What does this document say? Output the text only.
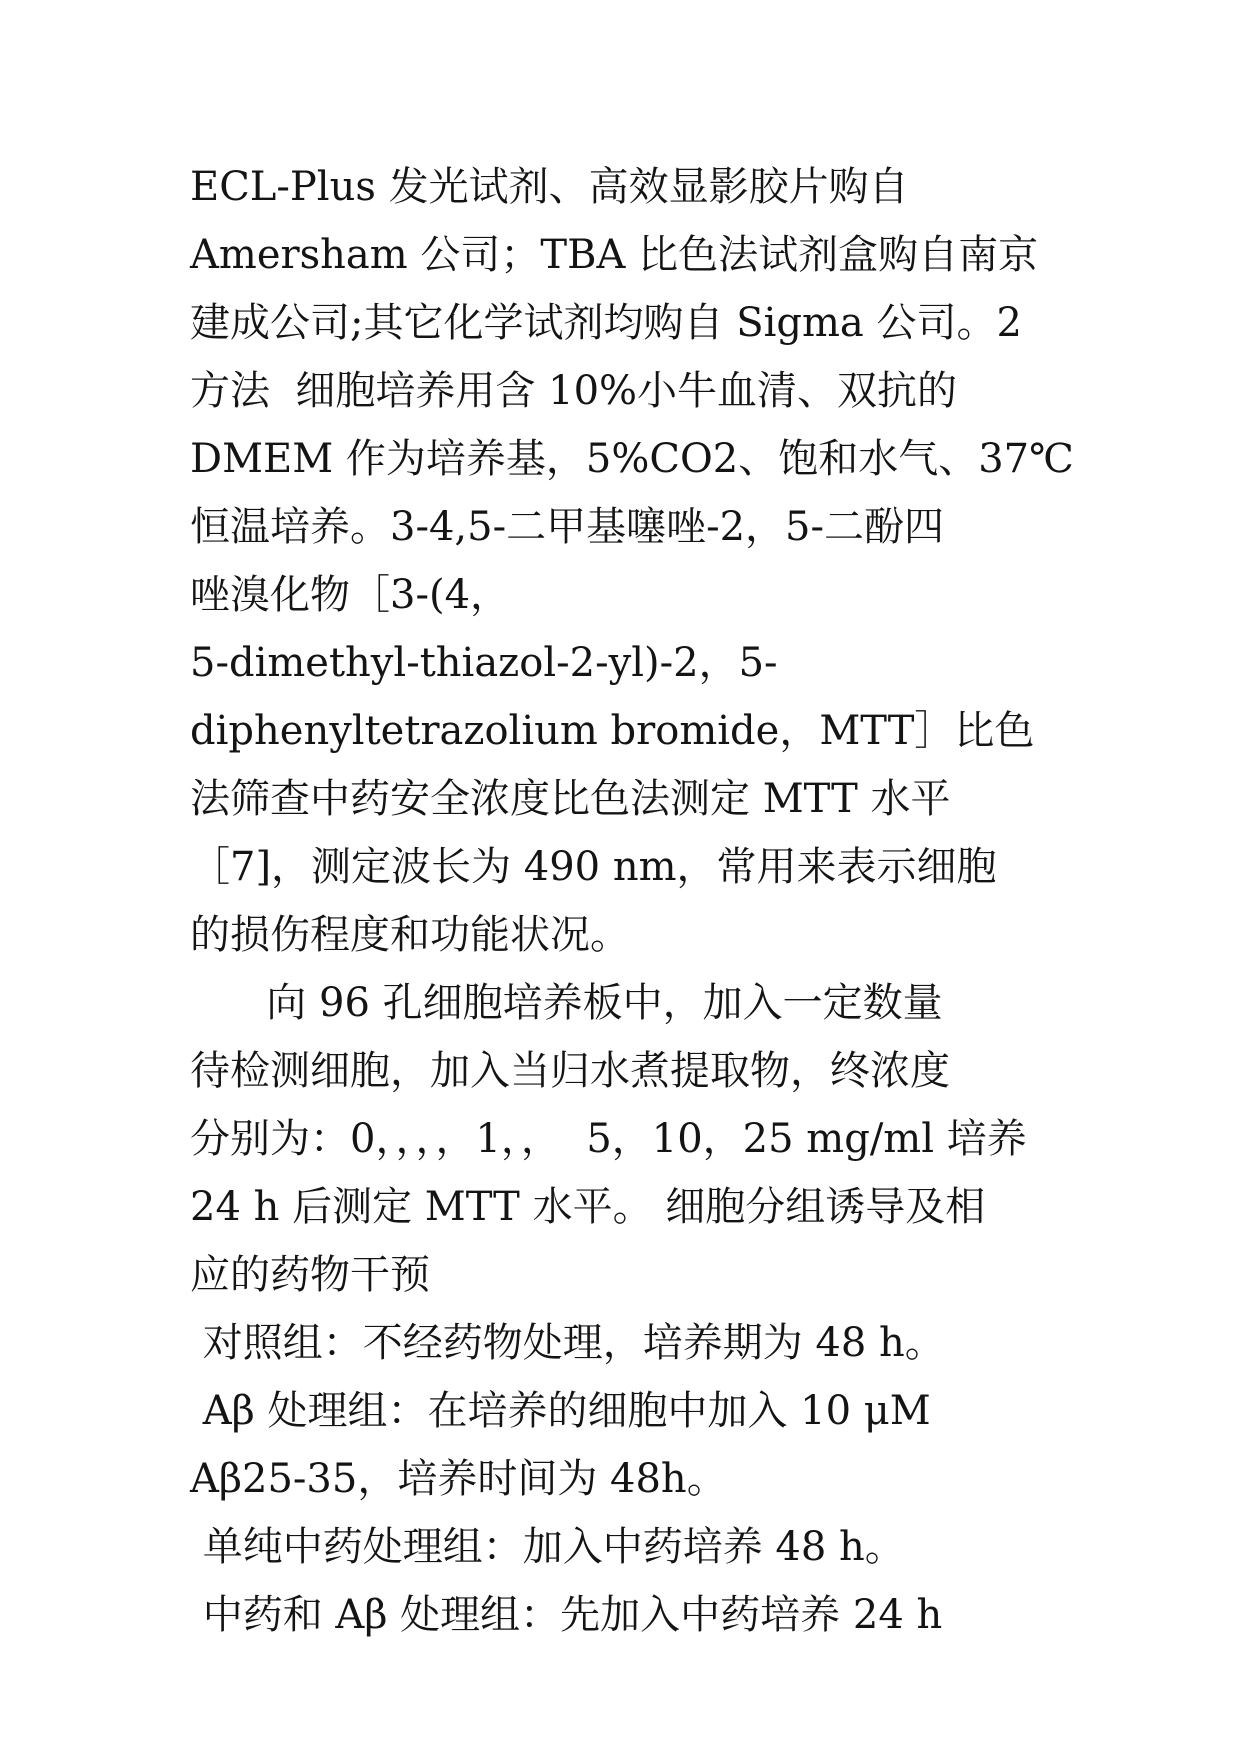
ECL-Plus 发光试剂、高效显影胶片购自
Amersham 公司；TBA 比色法试剂盒购自南京
建成公司;其它化学试剂均购自 Sigma 公司。2
方法  细胞培养用含 10%小牛血清、双抗的
DMEM 作为培养基，5%CO2、饱和水气、37℃
恒温培养。3-4,5-二甲基噻唑-2，5-二酚四
唑溴化物［3-(4，
5-dimethyl-thiazol-2-yl)-2，5-
diphenyltetrazolium bromide，MTT］比色
法筛查中药安全浓度比色法测定 MTT 水平
［7]，测定波长为 490 nm，常用来表示细胞
的损伤程度和功能状况。
向 96 孔细胞培养板中，加入一定数量
待检测细胞，加入当归水煮提取物，终浓度
分别为：0，，，，1，，  5，10，25 mg/ml 培养
24 h 后测定 MTT 水平。 细胞分组诱导及相
应的药物干预
对照组：不经药物处理，培养期为 48 h。
Aβ 处理组：在培养的细胞中加入 10 μM
Aβ25-35，培养时间为 48h。
单纯中药处理组：加入中药培养 48 h。
中药和 Aβ 处理组：先加入中药培养 24 h
